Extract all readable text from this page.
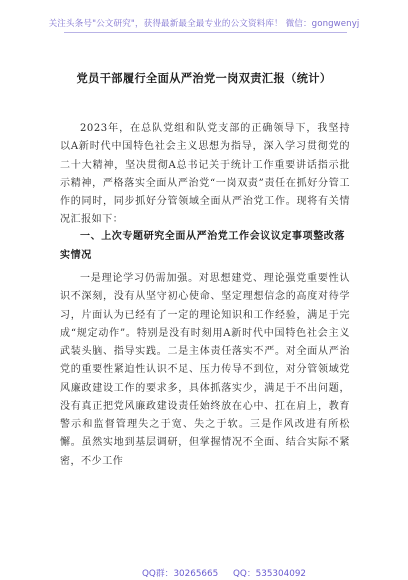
关注头条号"公文研究"，获得最新最全最专业的公文资料库！ 微信：gongwenyj
党员干部履行全面从严治党一岗双责汇报（统计）

2023年，在总队党组和队党支部的正确领导下，我坚持以A新时代中国特色社会主义思想为指导，深入学习贯彻党的二十大精神，坚决贯彻A总书记关于统计工作重要讲话指示批示精神，严格落实全面从严治党“一岗双责”责任在抓好分管工作的同时，同步抓好分管领域全面从严治党工作。现将有关情况汇报如下：

一、上次专题研究全面从严治党工作会议议定事项整改落实情况

一是理论学习仍需加强。对思想建党、理论强党重要性认识不深刻，没有从坚守初心使命、坚定理想信念的高度对待学习，片面认为已经有了一定的理论知识和工作经验，满足于完成“规定动作”。特别是没有时刻用A新时代中国特色社会主义武装头脑、指导实践。二是主体责任落实不严。对全面从严治党的重要性紧迫性认识不足、压力传导不到位，对分管领域党风廉政建设工作的要求多，具体抓落实少，满足于不出问题，没有真正把党风廉政建设责任始终放在心中、扛在肩上，教育警示和监督管理失之于宽、失之于软。三是作风改进有所松懈。虽然实地到基层调研，但掌握情况不全面、结合实际不紧密，不少工作

QQ群：30265665 QQ：535304092
